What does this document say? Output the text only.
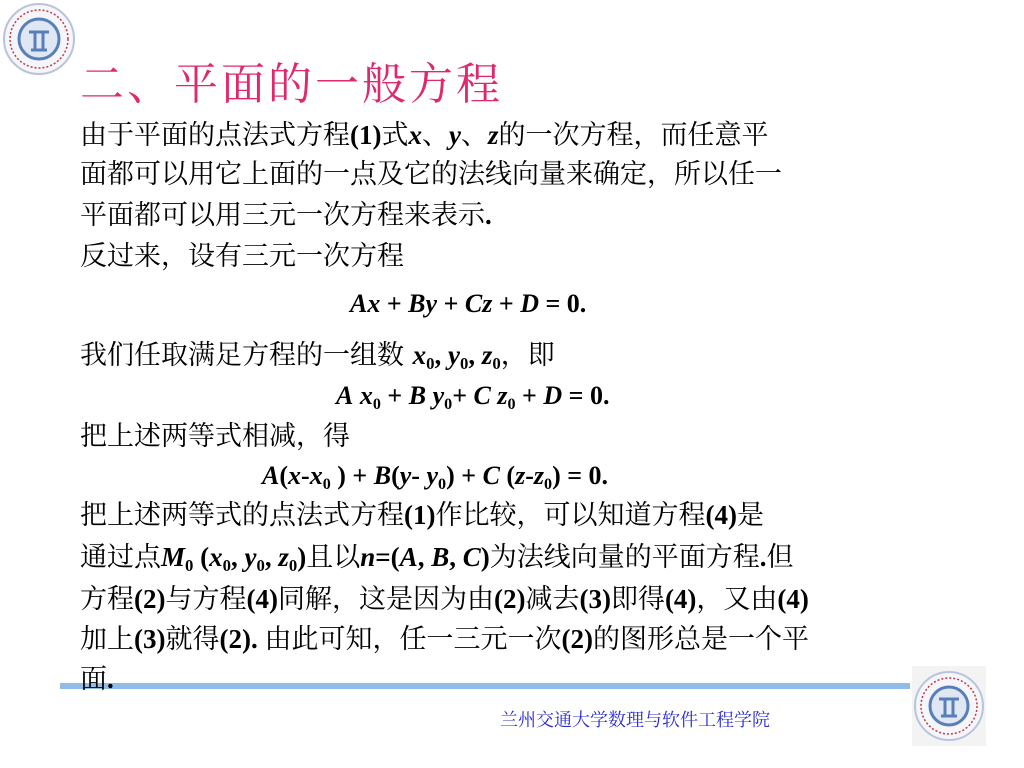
二、平面的一般方程
由于平面的点法式方程(1)式x、y、z的一次方程，而任意平
面都可以用它上面的一点及它的法线向量来确定，所以任一
平面都可以用三元一次方程来表示.
反过来，设有三元一次方程
Ax + By + Cz + D = 0.
我们任取满足方程的一组数 $x_0$, $y_0$, $z_0$，即
A $x_0 + B$ $y_0+ C$ $z_0 + D = 0$.
把上述两等式相减，得
$A(x-x_0$ ) + B(y- $y_0) + C$ $(z-z_0) = 0$.
把上述两等式的点法式方程(1)作比较，可以知道方程(4)是
通过点$M_0$ ($x_0$, $y_0$, $z_0$)且以n=(A, B, C)为法线向量的平面方程.但
方程(2)与方程(4)同解，这是因为由(2)减去(3)即得(4)，又由(4)
加上(3)就得(2). 由此可知，任一三元一次(2)的图形总是一个平
面.
兰州交通大学数理与软件工程学院
